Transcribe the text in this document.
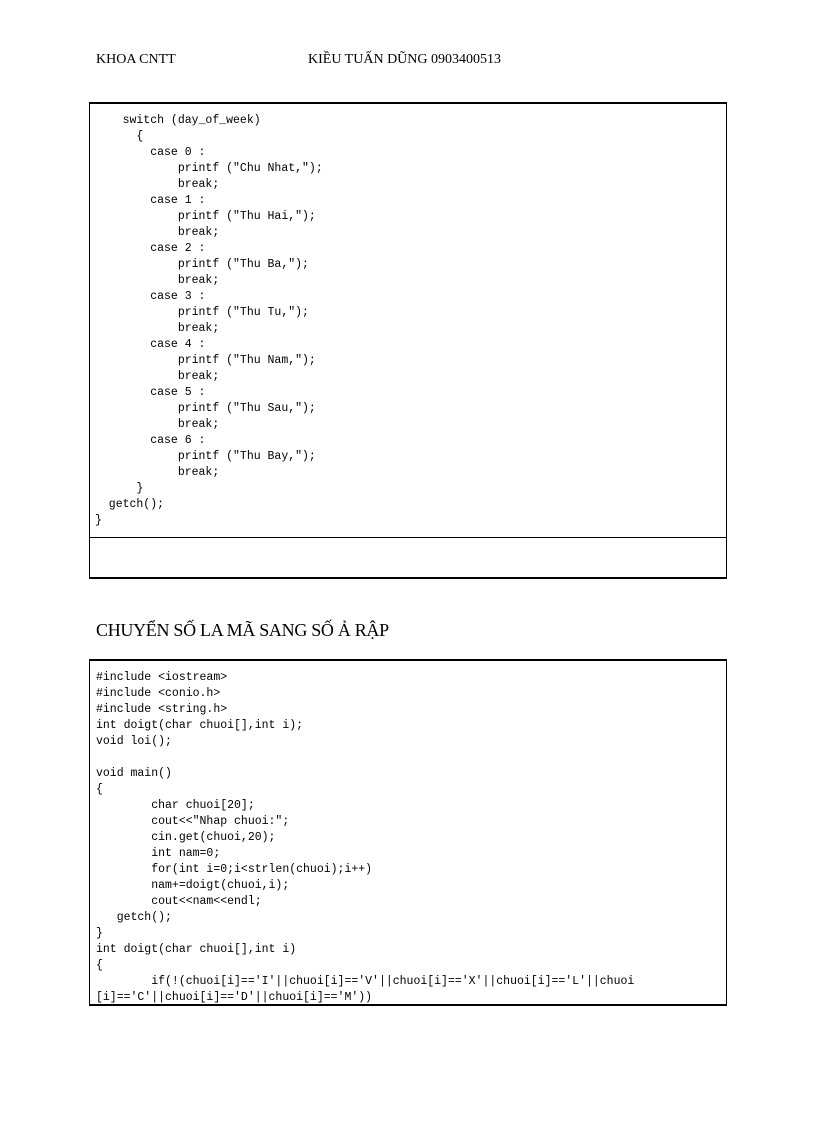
KHOA CNTT	KIỀU TUẤN DŨNG 0903400513
switch (day_of_week)
{
case 0 :
printf ("Chu Nhat,");
break;
case 1 :
printf ("Thu Hai,");
break;
case 2 :
printf ("Thu Ba,");
break;
case 3 :
printf ("Thu Tu,");
break;
case 4 :
printf ("Thu Nam,");
break;
case 5 :
printf ("Thu Sau,");
break;
case 6 :
printf ("Thu Bay,");
break;
}
getch();
}

CHUYỂN SỐ LA MÃ SANG SỐ Ả RẬP
#include <iostream>
#include <conio.h>
#include <string.h>
int doigt(char chuoi[],int i);
void loi();

void main()
{
char chuoi[20];
cout<<"Nhap chuoi:";
cin.get(chuoi,20);
int nam=0;
for(int i=0;i<strlen(chuoi);i++)
nam+=doigt(chuoi,i);
cout<<nam<<endl;
getch();
}
int doigt(char chuoi[],int i)
{
if(!(chuoi[i]=='I'||chuoi[i]=='V'||chuoi[i]=='X'||chuoi[i]=='L'||chuoi
[i]=='C'||chuoi[i]=='D'||chuoi[i]=='M'))
